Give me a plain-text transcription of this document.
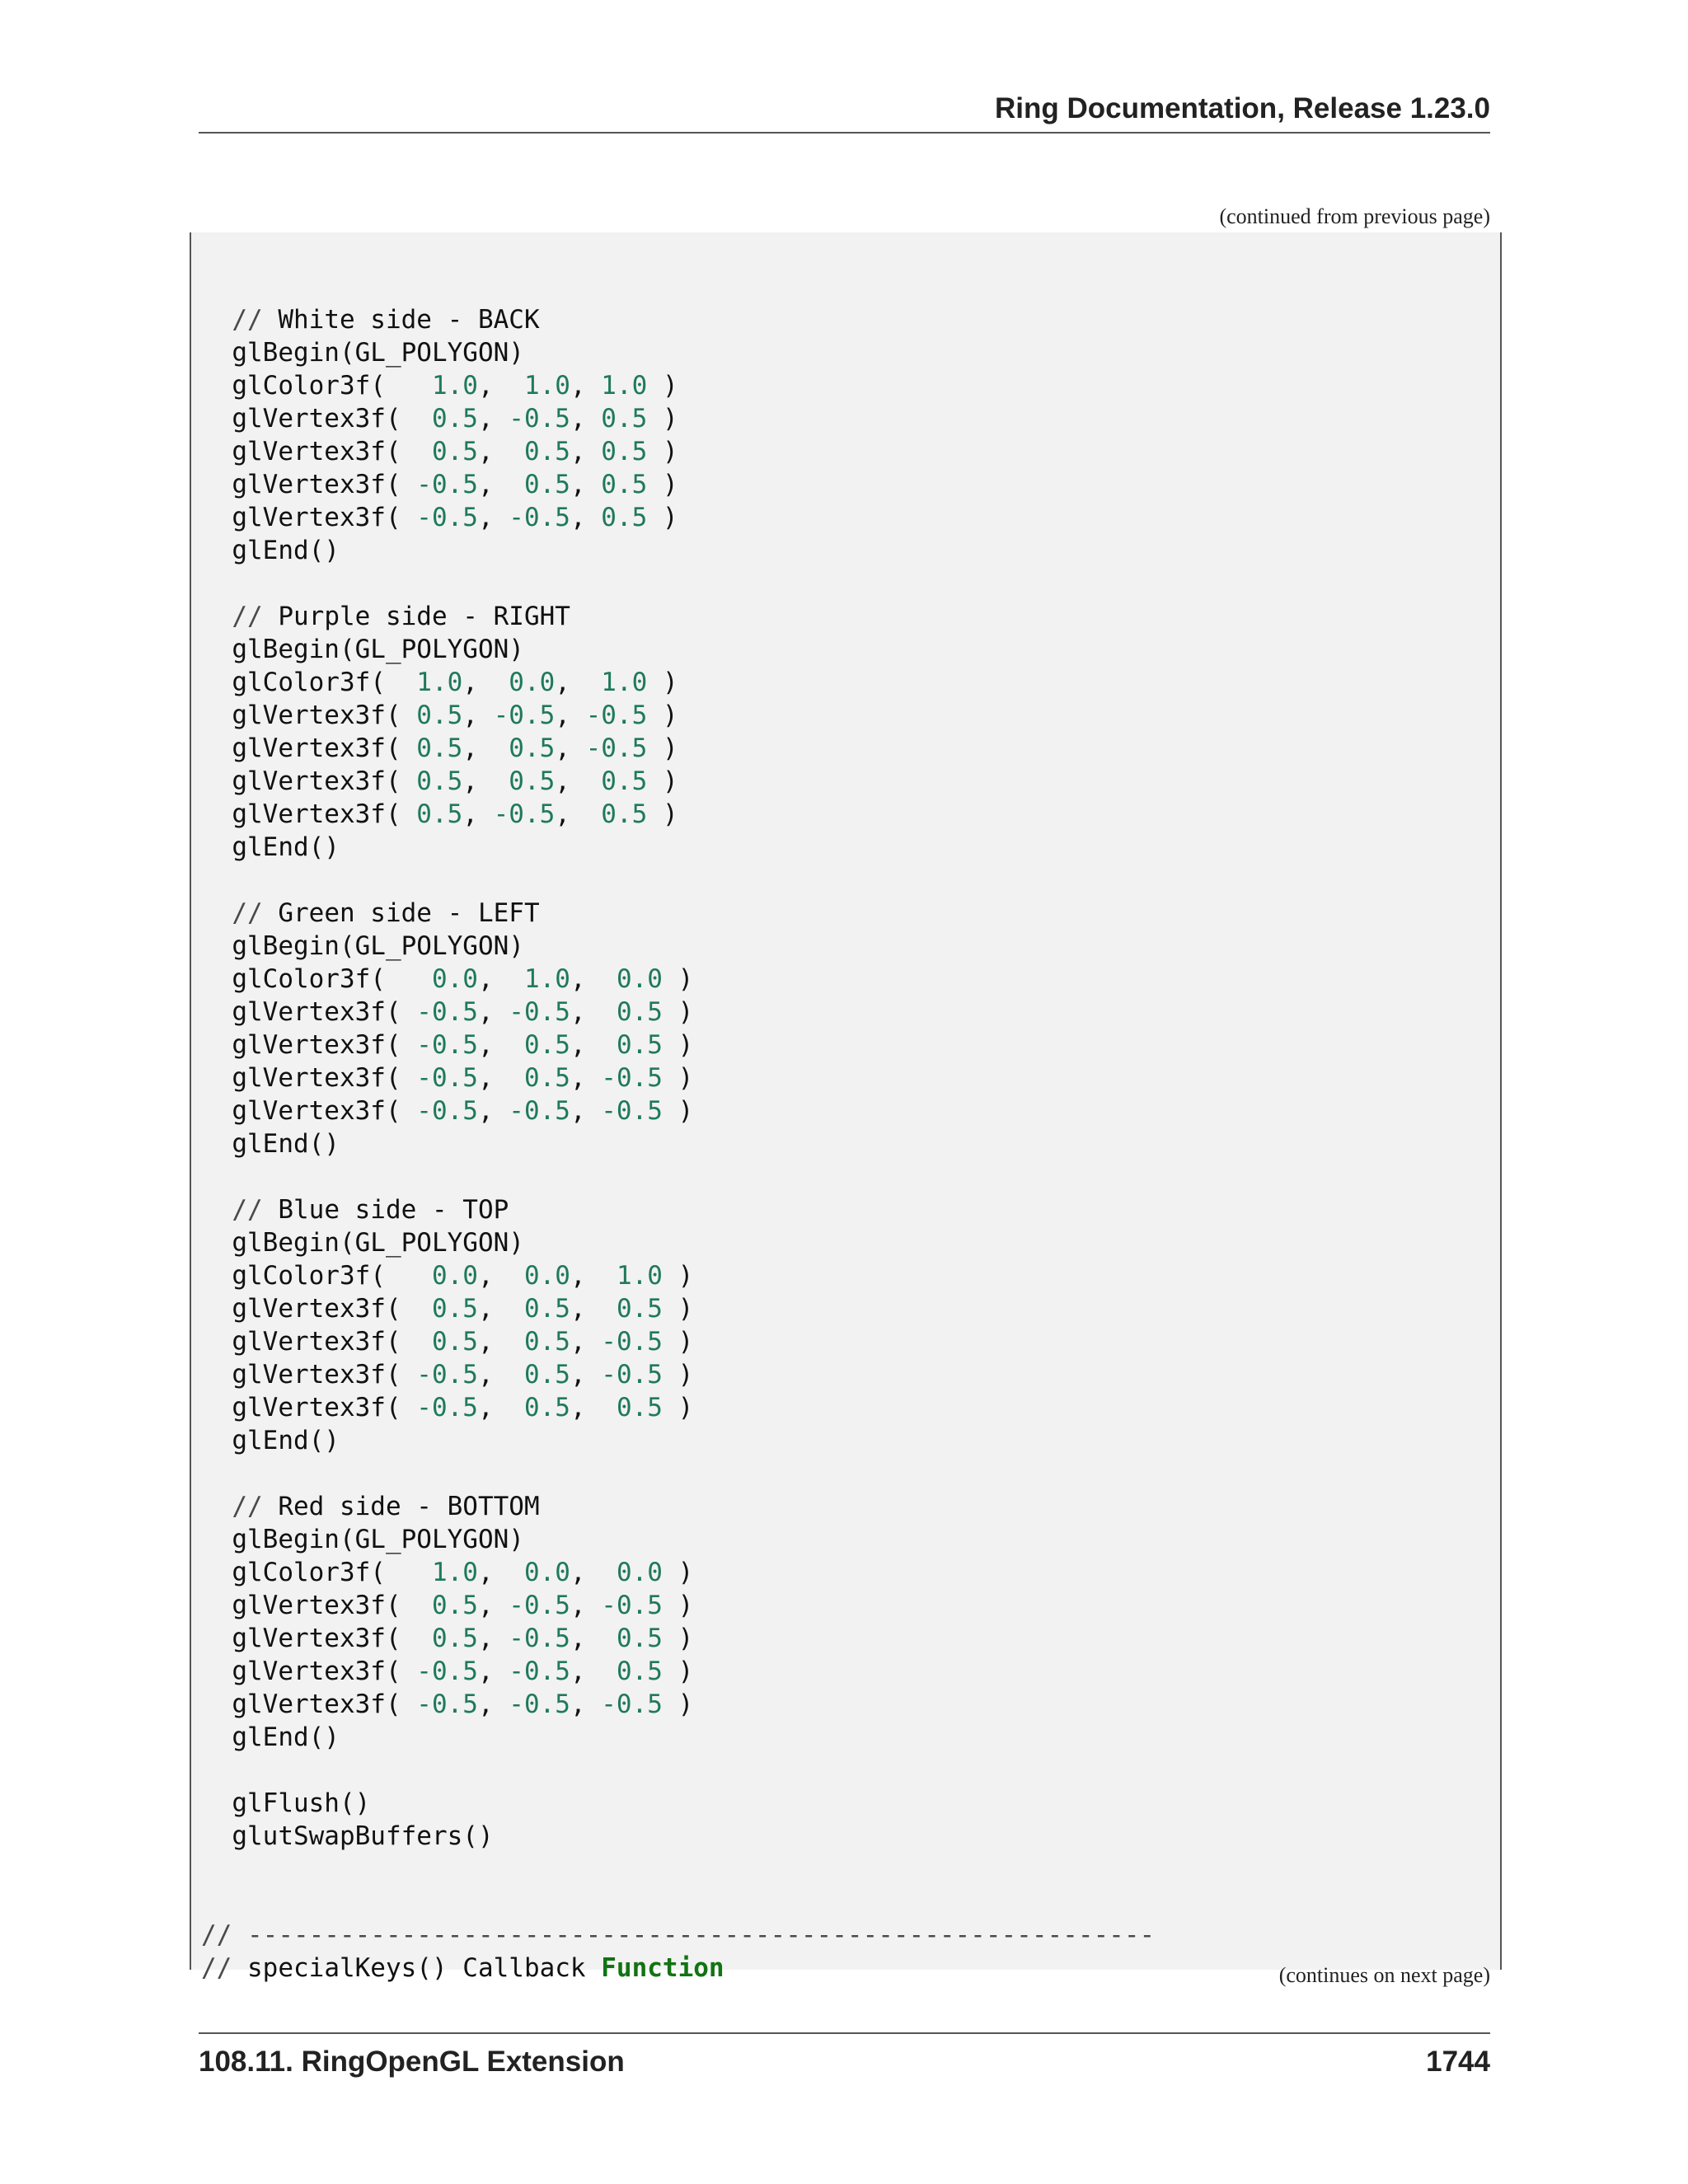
Ring Documentation, Release 1.23.0
(continued from previous page)
// White side - BACK
glBegin(GL_POLYGON)
glColor3f(   1.0,  1.0, 1.0 )
glVertex3f(  0.5, -0.5, 0.5 )
glVertex3f(  0.5,  0.5, 0.5 )
glVertex3f( -0.5,  0.5, 0.5 )
glVertex3f( -0.5, -0.5, 0.5 )
glEnd()
// Purple side - RIGHT
glBegin(GL_POLYGON)
glColor3f(  1.0,  0.0,  1.0 )
glVertex3f( 0.5, -0.5, -0.5 )
glVertex3f( 0.5,  0.5, -0.5 )
glVertex3f( 0.5,  0.5,  0.5 )
glVertex3f( 0.5, -0.5,  0.5 )
glEnd()
// Green side - LEFT
glBegin(GL_POLYGON)
glColor3f(   0.0,  1.0,  0.0 )
glVertex3f( -0.5, -0.5,  0.5 )
glVertex3f( -0.5,  0.5,  0.5 )
glVertex3f( -0.5,  0.5, -0.5 )
glVertex3f( -0.5, -0.5, -0.5 )
glEnd()
// Blue side - TOP
glBegin(GL_POLYGON)
glColor3f(   0.0,  0.0,  1.0 )
glVertex3f(  0.5,  0.5,  0.5 )
glVertex3f(  0.5,  0.5, -0.5 )
glVertex3f( -0.5,  0.5, -0.5 )
glVertex3f( -0.5,  0.5,  0.5 )
glEnd()
// Red side - BOTTOM
glBegin(GL_POLYGON)
glColor3f(   1.0,  0.0,  0.0 )
glVertex3f(  0.5, -0.5, -0.5 )
glVertex3f(  0.5, -0.5,  0.5 )
glVertex3f( -0.5, -0.5,  0.5 )
glVertex3f( -0.5, -0.5, -0.5 )
glEnd()
glFlush()
glutSwapBuffers()
// -----------------------------------------------------------
// specialKeys() Callback Function	(continues on next page)
108.11. RingOpenGL Extension	1744
